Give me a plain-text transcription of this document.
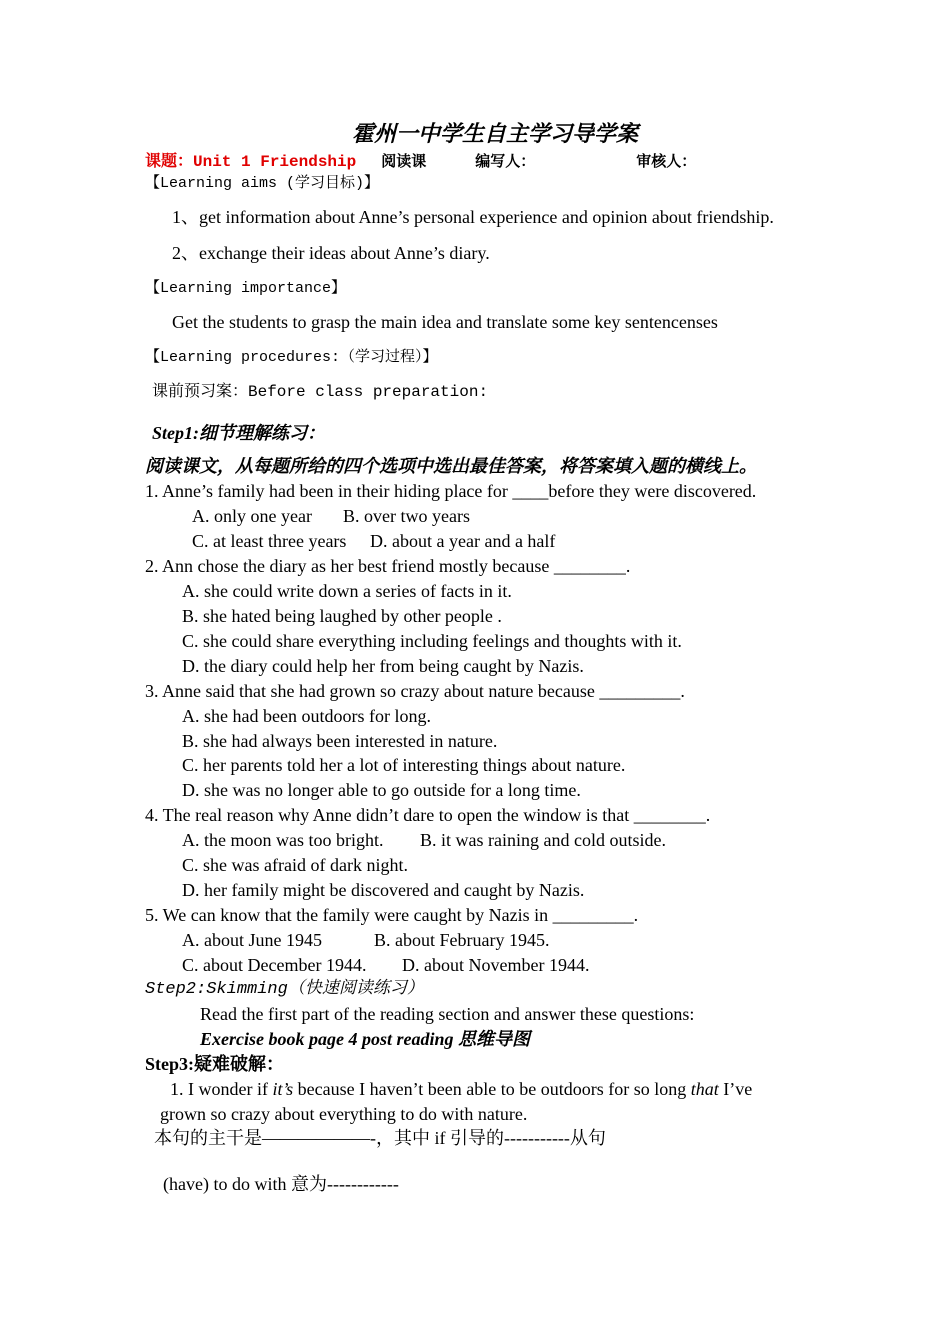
霍州一中学生自主学习导学案
课题：Unit 1 Friendship 阅读课	编写人：	审核人：
【Learning aims (学习目标)】
1、get information about Anne’s personal experience and opinion about friendship.
2、exchange their ideas about Anne’s diary.
【Learning importance】
Get the students to grasp the main idea and translate some key sentencenses
【Learning procedures:（学习过程）】
课前预习案：Before class preparation:
Step1:细节理解练习：
阅读课文，从每题所给的四个选项中选出最佳答案，将答案填入题的横线上。
1. Anne’s family had been in their hiding place for ____before they were discovered.
A. only one year B. over two years
C. at least three years D. about a year and a half
2. Ann chose the diary as her best friend mostly because ________.
A. she could write down a series of facts in it.
B. she hated being laughed by other people .
C. she could share everything including feelings and thoughts with it.
D. the diary could help her from being caught by Nazis.
3. Anne said that she had grown so crazy about nature because _________.
A. she had been outdoors for long.
B. she had always been interested in nature.
C. her parents told her a lot of interesting things about nature.
D. she was no longer able to go outside for a long time.
4. The real reason why Anne didn’t dare to open the window is that ________.
A. the moon was too bright. B. it was raining and cold outside.
C. she was afraid of dark night.
D. her family might be discovered and caught by Nazis.
5. We can know that the family were caught by Nazis in _________.
A. about June 1945	B. about February 1945.
C. about December 1944. D. about November 1944.
Step2:Skimming（快速阅读练习）
Read the first part of the reading section and answer these questions:
Exercise book page 4 post reading 思维导图
Step3:疑难破解：
1. I wonder if it’s because I haven’t been able to be outdoors for so long that I’ve
grown so crazy about everything to do with nature.
本句的主干是——————-，其中 if 引导的-----------从句
(have) to do with 意为------------
